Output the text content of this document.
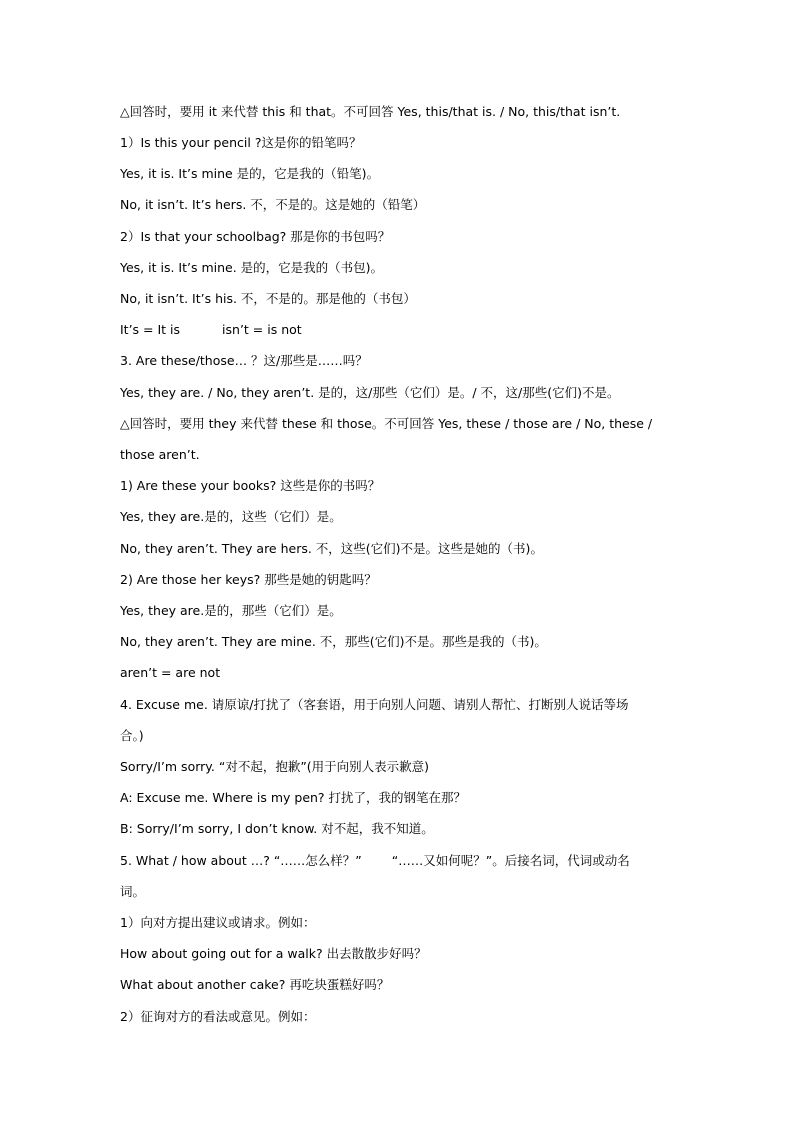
△回答时，要用 it 来代替 this 和 that。不可回答 Yes, this/that is. / No, this/that isn’t.
1）Is this your pencil ?这是你的铅笔吗？
Yes, it is. It’s mine 是的，它是我的（铅笔)。
No, it isn’t. It’s hers. 不，不是的。这是她的（铅笔）
2）Is that your schoolbag? 那是你的书包吗？
Yes, it is. It’s mine. 是的，它是我的（书包)。
No, it isn’t. It’s his. 不，不是的。那是他的（书包）
It’s = It is	isn’t = is not
3. Are these/those… ？这/那些是……吗？
Yes, they are. / No, they aren’t. 是的，这/那些（它们）是。/ 不，这/那些(它们)不是。
△回答时，要用 they 来代替 these 和 those。不可回答 Yes, these / those are / No, these /
those aren’t.
1) Are these your books? 这些是你的书吗？
Yes, they are.是的，这些（它们）是。
No, they aren’t. They are hers. 不，这些(它们)不是。这些是她的（书)。
2) Are those her keys? 那些是她的钥匙吗？
Yes, they are.是的，那些（它们）是。
No, they aren’t. They are mine. 不，那些(它们)不是。那些是我的（书)。
aren’t = are not
4. Excuse me. 请原谅/打扰了（客套语，用于向别人问题、请别人帮忙、打断别人说话等场
合。)
Sorry/I’m sorry. “对不起，抱歉”(用于向别人表示歉意)
A: Excuse me. Where is my pen? 打扰了，我的钢笔在那？
B: Sorry/I’m sorry, I don’t know. 对不起，我不知道。
5. What / how about …? “……怎么样？” “……又如何呢？”。后接名词，代词或动名
词。
1）向对方提出建议或请求。例如：
How about going out for a walk? 出去散散步好吗？
What about another cake? 再吃块蛋糕好吗？
2）征询对方的看法或意见。例如：
